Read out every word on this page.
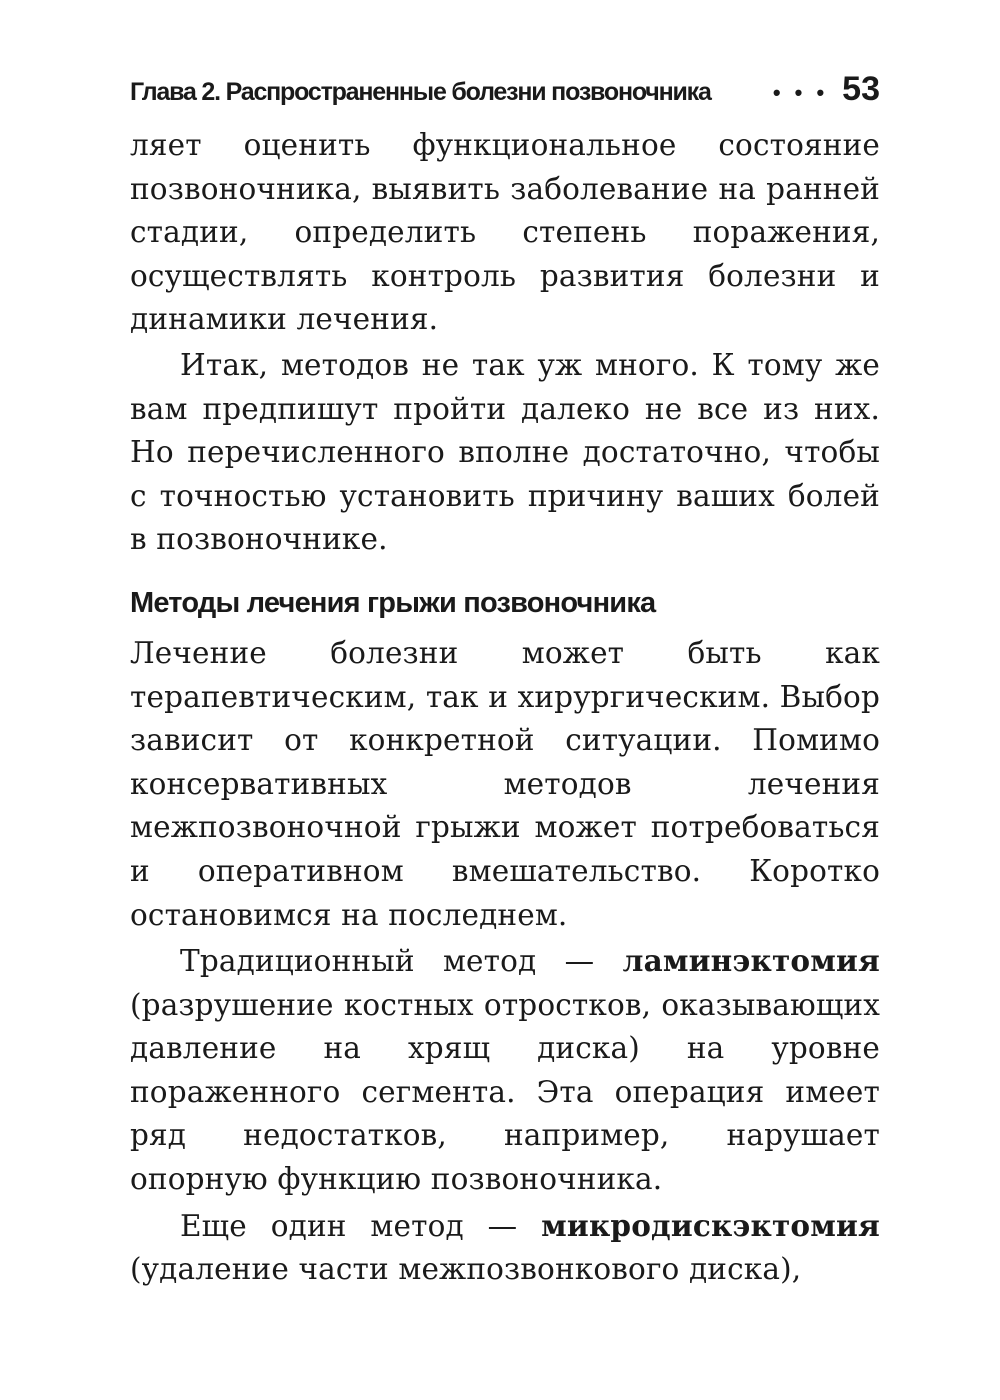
Глава 2. Распространенные болезни позвоночника	• • • 53

ляет оценить функциональное состояние позвоночника, выявить заболевание на ранней стадии, определить степень поражения, осуществлять контроль развития болезни и динамики лечения.

Итак, методов не так уж много. К тому же вам предпишут пройти далеко не все из них. Но перечисленного вполне достаточно, чтобы с точностью установить причину ваших болей в позвоночнике.

Методы лечения грыжи позвоночника

Лечение болезни может быть как терапевтическим, так и хирургическим. Выбор зависит от конкретной ситуации. Помимо консервативных методов лечения межпозвоночной грыжи может потребоваться и оперативном вмешательство. Коротко остановимся на последнем.

Традиционный метод — ламинэктомия (разрушение костных отростков, оказывающих давление на хрящ диска) на уровне пораженного сегмента. Эта операция имеет ряд недостатков, например, нарушает опорную функцию позвоночника.

Еще один метод — микродискэктомия (удаление части межпозвонкового диска),
